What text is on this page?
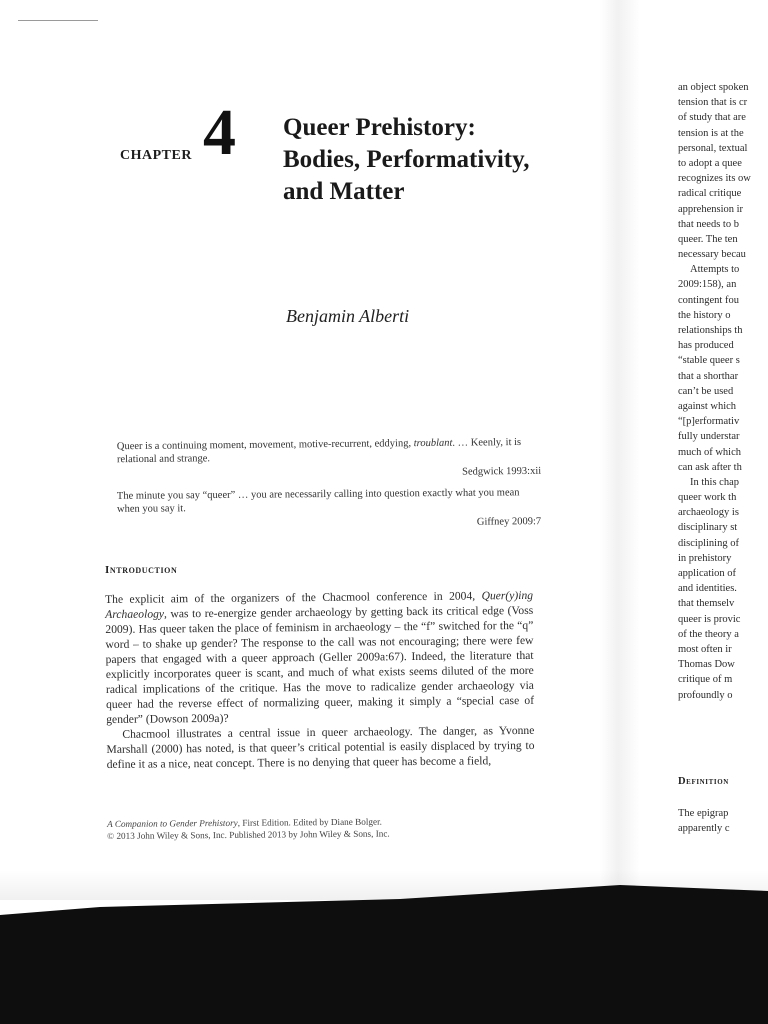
CHAPTER 4 Queer Prehistory:
Bodies, Performativity,
and Matter
Benjamin Alberti

Queer is a continuing moment, movement, motive-recurrent, eddying, troublant. … Keenly, it is relational and strange.

Sedgwick 1993:xii

The minute you say “queer” … you are necessarily calling into question exactly what you mean when you say it.

Giffney 2009:7
Introduction

The explicit aim of the organizers of the Chacmool conference in 2004, Quer(y)ing Archaeology, was to re-energize gender archaeology by getting back its critical edge (Voss 2009). Has queer taken the place of feminism in archaeology – the “f” switched for the “q” word – to shake up gender? The response to the call was not encouraging; there were few papers that engaged with a queer approach (Geller 2009a:67). Indeed, the literature that explicitly incorporates queer is scant, and much of what exists seems diluted of the more radical implications of the critique. Has the move to radicalize gender archaeology via queer had the reverse effect of normalizing queer, making it simply a “special case of gender” (Dowson 2009a)?

Chacmool illustrates a central issue in queer archaeology. The danger, as Yvonne Marshall (2000) has noted, is that queer’s critical potential is easily displaced by trying to define it as a nice, neat concept. There is no denying that queer has become a field,

A Companion to Gender Prehistory, First Edition. Edited by Diane Bolger.

© 2013 John Wiley & Sons, Inc. Published 2013 by John Wiley & Sons, Inc.

an object spoken
tension that is cr
of study that are
tension is at the
personal, textual
to adopt a quee
recognizes its ow
radical critique
apprehension ir
that needs to b
queer. The ten
necessary becau
Attempts to
2009:158), an
contingent fou
the history o
relationships th
has produced
“stable queer s
that a shorthar
can’t be used
against which
“[p]erformativ
fully understar
much of which
can ask after th
In this chap
queer work th
archaeology is
disciplinary st
disciplining of
in prehistory
application of
and identities.
that themselv
queer is provic
of the theory a
most often ir
Thomas Dow
critique of m
profoundly o
Definition
The epigrap
apparently c
